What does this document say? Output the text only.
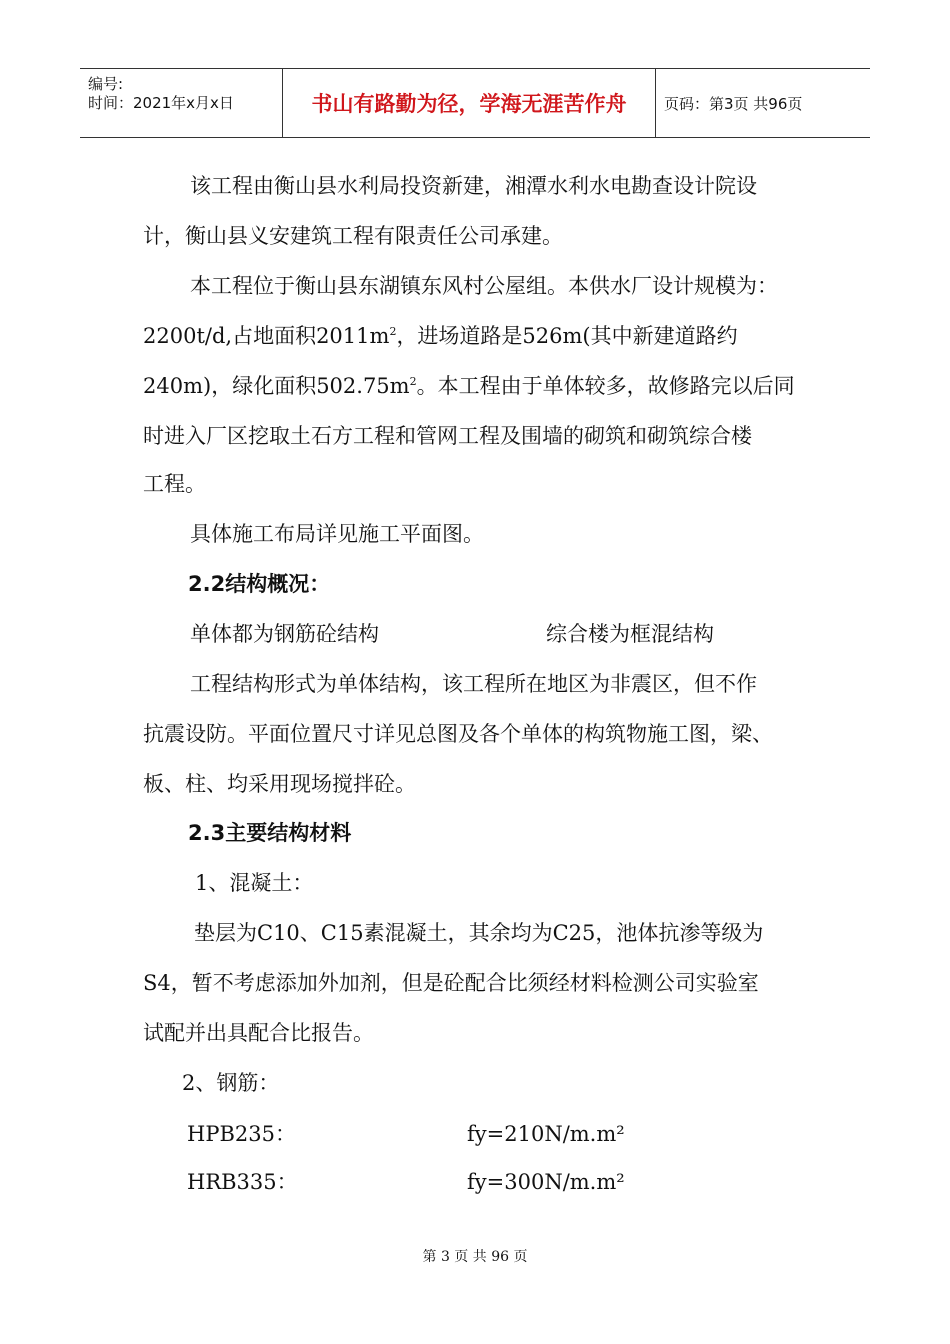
编号:
时间：2021年x月x日	书山有路勤为径，学海无涯苦作舟	页码：第3页 共96页
该工程由衡山县水利局投资新建，湘潭水利水电勘查设计院设
计，衡山县义安建筑工程有限责任公司承建。
本工程位于衡山县东湖镇东风村公屋组。本供水厂设计规模为：
2200t/d,占地面积$2011m^2$，进场道路是526m(其中新建道路约
240m)，绿化面积$502.75m^2$。本工程由于单体较多，故修路完以后同
时进入厂区挖取土石方工程和管网工程及围墙的砌筑和砌筑综合楼
工程。
具体施工布局详见施工平面图。
2.2结构概况：
单体都为钢筋砼结构	综合楼为框混结构
工程结构形式为单体结构，该工程所在地区为非震区，但不作
抗震设防。平面位置尺寸详见总图及各个单体的构筑物施工图，梁、
板、柱、均采用现场搅拌砼。
2.3主要结构材料
1、混凝土：
垫层为C10、C15素混凝土，其余均为C25，池体抗渗等级为
S4，暂不考虑添加外加剂，但是砼配合比须经材料检测公司实验室
试配并出具配合比报告。
2、钢筋：
HPB235：	fy=210N/m.m²
HRB335：	fy=300N/m.m²
第 3 页 共 96 页
